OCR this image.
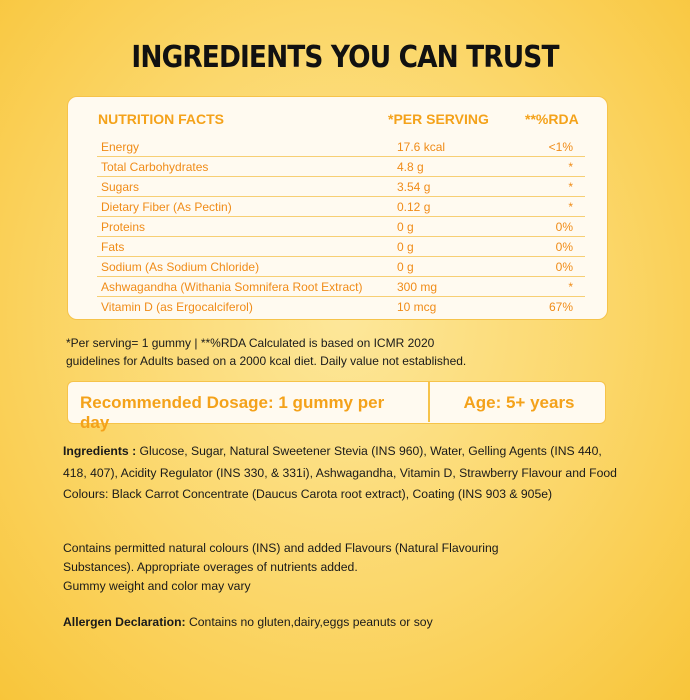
INGREDIENTS YOU CAN TRUST
NUTRITION FACTS	*PER SERVING	**%RDA
Energy	17.6 kcal	<1%
Total Carbohydrates	4.8 g	*
Sugars	3.54 g	*
Dietary Fiber (As Pectin)	0.12 g	*
Proteins	0 g	0%
Fats	0 g	0%
Sodium (As Sodium Chloride)	0 g	0%
Ashwagandha (Withania Somnifera Root Extract)	300 mg	*
Vitamin D (as Ergocalciferol)	10 mcg	67%
*Per serving= 1 gummy | **%RDA Calculated is based on ICMR 2020
guidelines for Adults based on a 2000 kcal diet. Daily value not established.
Recommended Dosage: 1 gummy per day
Age: 5+ years
Ingredients : Glucose, Sugar, Natural Sweetener Stevia (INS 960), Water, Gelling Agents (INS 440, 418, 407), Acidity Regulator (INS 330, & 331i), Ashwagandha, Vitamin D, Strawberry Flavour and Food Colours: Black Carrot Concentrate (Daucus Carota root extract), Coating (INS 903 & 905e)
Contains permitted natural colours (INS) and added Flavours (Natural Flavouring
Substances). Appropriate overages of nutrients added.
Gummy weight and color may vary
Allergen Declaration: Contains no gluten,dairy,eggs peanuts or soy
